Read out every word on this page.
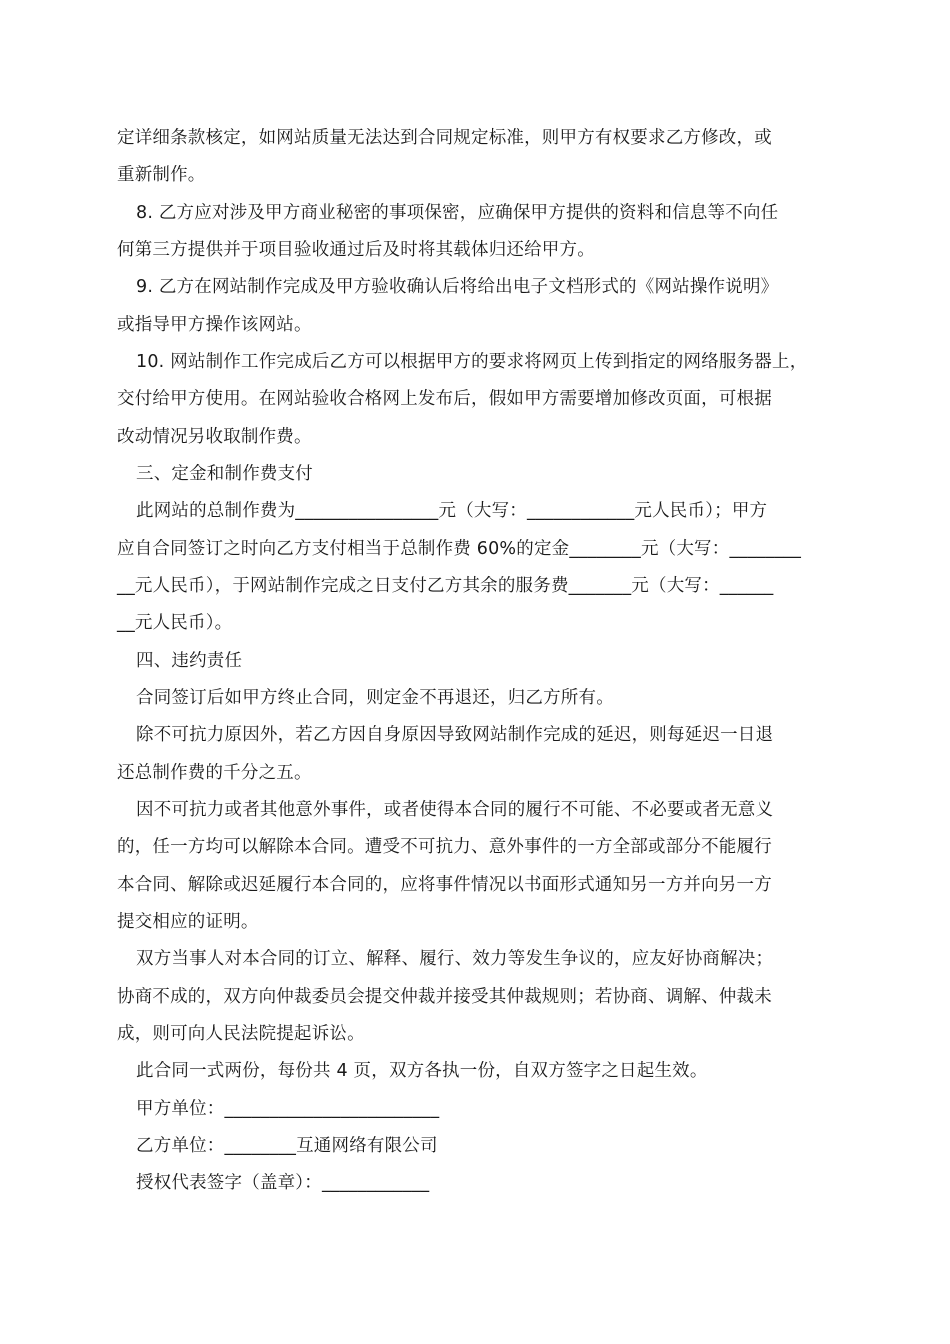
定详细条款核定，如网站质量无法达到合同规定标准，则甲方有权要求乙方修改，或
重新制作。
8. 乙方应对涉及甲方商业秘密的事项保密，应确保甲方提供的资料和信息等不向任
何第三方提供并于项目验收通过后及时将其载体归还给甲方。
9. 乙方在网站制作完成及甲方验收确认后将给出电子文档形式的《网站操作说明》
或指导甲方操作该网站。
10. 网站制作工作完成后乙方可以根据甲方的要求将网页上传到指定的网络服务器上，
交付给甲方使用。在网站验收合格网上发布后，假如甲方需要增加修改页面，可根据
改动情况另收取制作费。
三、定金和制作费支付
此网站的总制作费为________________元（大写：____________元人民币）；甲方
应自合同签订之时向乙方支付相当于总制作费 60%的定金________元（大写：________
__元人民币），于网站制作完成之日支付乙方其余的服务费_______元（大写：______
__元人民币）。
四、违约责任
合同签订后如甲方终止合同，则定金不再退还，归乙方所有。
除不可抗力原因外，若乙方因自身原因导致网站制作完成的延迟，则每延迟一日退
还总制作费的千分之五。
因不可抗力或者其他意外事件，或者使得本合同的履行不可能、不必要或者无意义
的，任一方均可以解除本合同。遭受不可抗力、意外事件的一方全部或部分不能履行
本合同、解除或迟延履行本合同的，应将事件情况以书面形式通知另一方并向另一方
提交相应的证明。
双方当事人对本合同的订立、解释、履行、效力等发生争议的，应友好协商解决；
协商不成的，双方向仲裁委员会提交仲裁并接受其仲裁规则；若协商、调解、仲裁未
成，则可向人民法院提起诉讼。
此合同一式两份，每份共 4 页，双方各执一份，自双方签字之日起生效。
甲方单位：________________________
乙方单位：________互通网络有限公司
授权代表签字（盖章）：____________
